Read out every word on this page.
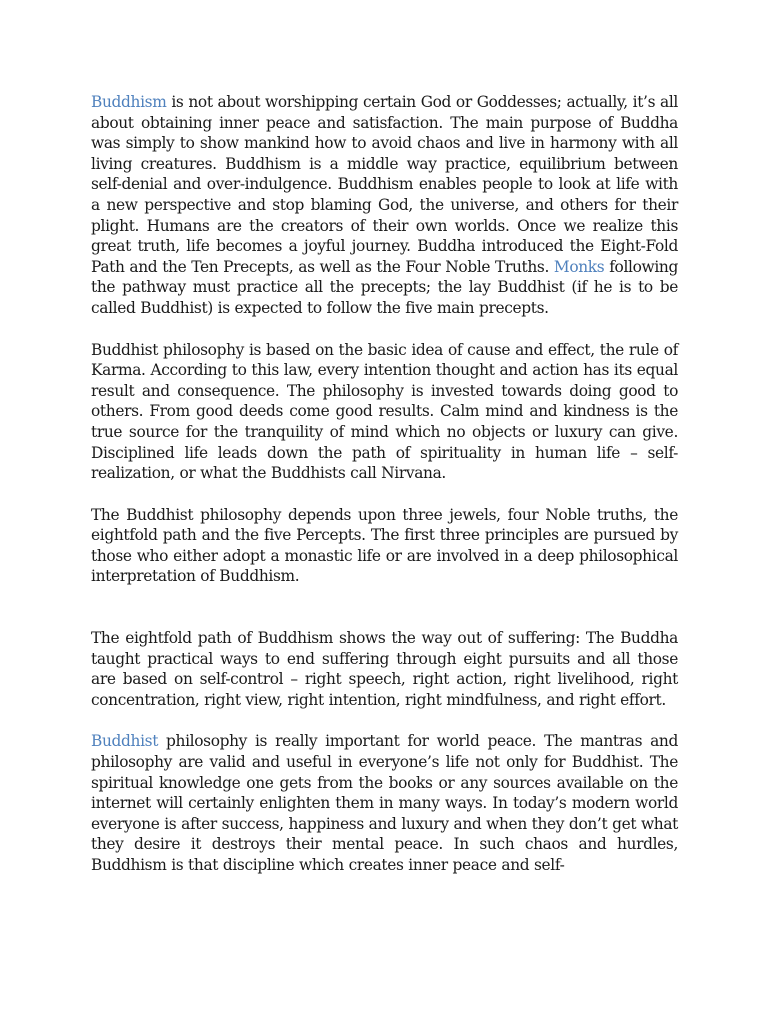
Buddhism is not about worshipping certain God or Goddesses; actually, it’s all about obtaining inner peace and satisfaction. The main purpose of Buddha was simply to show mankind how to avoid chaos and live in harmony with all living creatures. Buddhism is a middle way practice, equilibrium between self-denial and over-indulgence. Buddhism enables people to look at life with a new perspective and stop blaming God, the universe, and others for their plight. Humans are the creators of their own worlds. Once we realize this great truth, life becomes a joyful journey. Buddha introduced the Eight-Fold Path and the Ten Precepts, as well as the Four Noble Truths. Monks following the pathway must practice all the precepts; the lay Buddhist (if he is to be called Buddhist) is expected to follow the five main precepts.

Buddhist philosophy is based on the basic idea of cause and effect, the rule of Karma. According to this law, every intention thought and action has its equal result and consequence. The philosophy is invested towards doing good to others. From good deeds come good results. Calm mind and kindness is the true source for the tranquility of mind which no objects or luxury can give. Disciplined life leads down the path of spirituality in human life – self-realization, or what the Buddhists call Nirvana.

The Buddhist philosophy depends upon three jewels, four Noble truths, the eightfold path and the five Percepts. The first three principles are pursued by those who either adopt a monastic life or are involved in a deep philosophical interpretation of Buddhism.

The eightfold path of Buddhism shows the way out of suffering: The Buddha taught practical ways to end suffering through eight pursuits and all those are based on self-control – right speech, right action, right livelihood, right concentration, right view, right intention, right mindfulness, and right effort.

Buddhist philosophy is really important for world peace. The mantras and philosophy are valid and useful in everyone’s life not only for Buddhist. The spiritual knowledge one gets from the books or any sources available on the internet will certainly enlighten them in many ways. In today’s modern world everyone is after success, happiness and luxury and when they don’t get what they desire it destroys their mental peace. In such chaos and hurdles, Buddhism is that discipline which creates inner peace and self-
